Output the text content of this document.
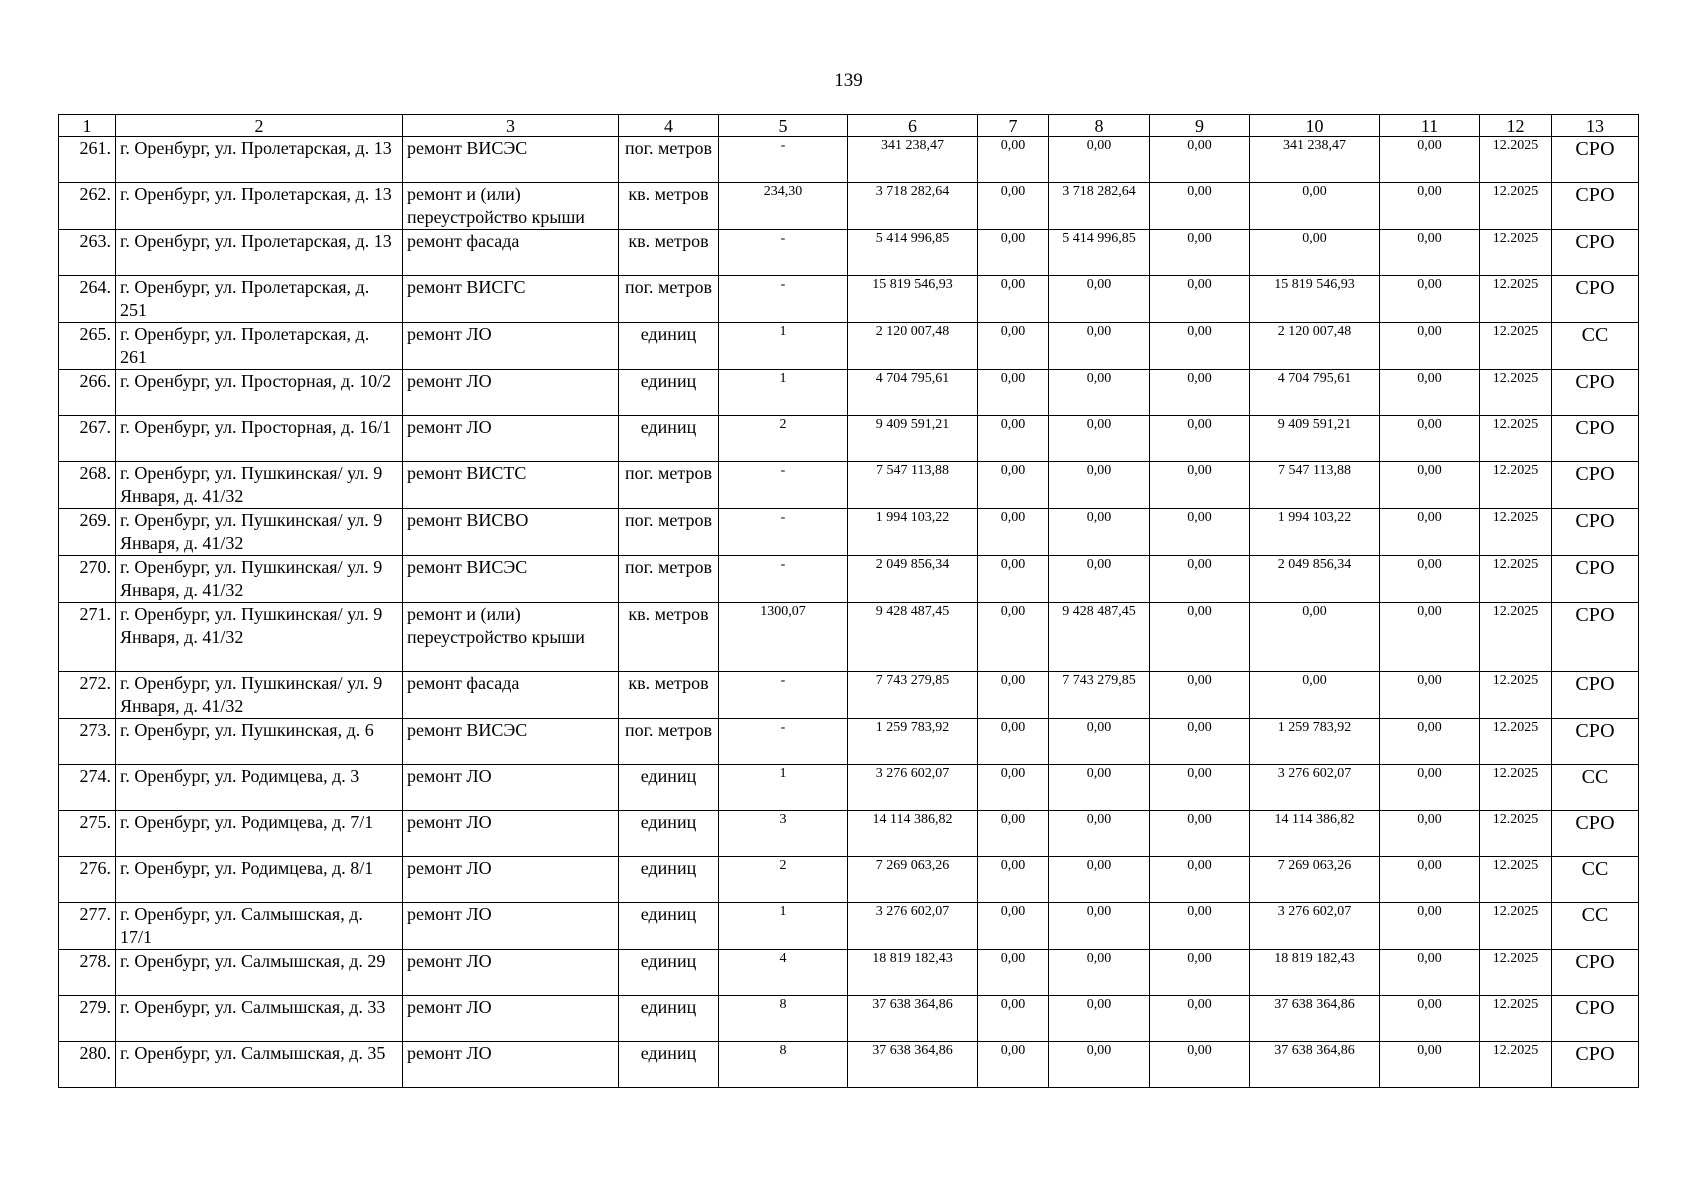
139
1	2	3	4	5	6	7	8	9	10	11	12	13
261.	г. Оренбург, ул. Пролетарская, д. 13	ремонт ВИСЭС	пог. метров	-	341 238,47	0,00	0,00	0,00	341 238,47	0,00	12.2025	СРО
262.	г. Оренбург, ул. Пролетарская, д. 13	ремонт и (или) переустройство крыши	кв. метров	234,30	3 718 282,64	0,00	3 718 282,64	0,00	0,00	0,00	12.2025	СРО
263.	г. Оренбург, ул. Пролетарская, д. 13	ремонт фасада	кв. метров	-	5 414 996,85	0,00	5 414 996,85	0,00	0,00	0,00	12.2025	СРО
264.	г. Оренбург, ул. Пролетарская, д. 251	ремонт ВИСГС	пог. метров	-	15 819 546,93	0,00	0,00	0,00	15 819 546,93	0,00	12.2025	СРО
265.	г. Оренбург, ул. Пролетарская, д. 261	ремонт ЛО	единиц	1	2 120 007,48	0,00	0,00	0,00	2 120 007,48	0,00	12.2025	СС
266.	г. Оренбург, ул. Просторная, д. 10/2	ремонт ЛО	единиц	1	4 704 795,61	0,00	0,00	0,00	4 704 795,61	0,00	12.2025	СРО
267.	г. Оренбург, ул. Просторная, д. 16/1	ремонт ЛО	единиц	2	9 409 591,21	0,00	0,00	0,00	9 409 591,21	0,00	12.2025	СРО
268.	г. Оренбург, ул. Пушкинская/ ул. 9 Января, д. 41/32	ремонт ВИСТС	пог. метров	-	7 547 113,88	0,00	0,00	0,00	7 547 113,88	0,00	12.2025	СРО
269.	г. Оренбург, ул. Пушкинская/ ул. 9 Января, д. 41/32	ремонт ВИСВО	пог. метров	-	1 994 103,22	0,00	0,00	0,00	1 994 103,22	0,00	12.2025	СРО
270.	г. Оренбург, ул. Пушкинская/ ул. 9 Января, д. 41/32	ремонт ВИСЭС	пог. метров	-	2 049 856,34	0,00	0,00	0,00	2 049 856,34	0,00	12.2025	СРО
271.	г. Оренбург, ул. Пушкинская/ ул. 9 Января, д. 41/32	ремонт и (или) переустройство крыши	кв. метров	1300,07	9 428 487,45	0,00	9 428 487,45	0,00	0,00	0,00	12.2025	СРО
272.	г. Оренбург, ул. Пушкинская/ ул. 9 Января, д. 41/32	ремонт фасада	кв. метров	-	7 743 279,85	0,00	7 743 279,85	0,00	0,00	0,00	12.2025	СРО
273.	г. Оренбург, ул. Пушкинская, д. 6	ремонт ВИСЭС	пог. метров	-	1 259 783,92	0,00	0,00	0,00	1 259 783,92	0,00	12.2025	СРО
274.	г. Оренбург, ул. Родимцева, д. 3	ремонт ЛО	единиц	1	3 276 602,07	0,00	0,00	0,00	3 276 602,07	0,00	12.2025	СС
275.	г. Оренбург, ул. Родимцева, д. 7/1	ремонт ЛО	единиц	3	14 114 386,82	0,00	0,00	0,00	14 114 386,82	0,00	12.2025	СРО
276.	г. Оренбург, ул. Родимцева, д. 8/1	ремонт ЛО	единиц	2	7 269 063,26	0,00	0,00	0,00	7 269 063,26	0,00	12.2025	СС
277.	г. Оренбург, ул. Салмышская, д. 17/1	ремонт ЛО	единиц	1	3 276 602,07	0,00	0,00	0,00	3 276 602,07	0,00	12.2025	СС
278.	г. Оренбург, ул. Салмышская, д. 29	ремонт ЛО	единиц	4	18 819 182,43	0,00	0,00	0,00	18 819 182,43	0,00	12.2025	СРО
279.	г. Оренбург, ул. Салмышская, д. 33	ремонт ЛО	единиц	8	37 638 364,86	0,00	0,00	0,00	37 638 364,86	0,00	12.2025	СРО
280.	г. Оренбург, ул. Салмышская, д. 35	ремонт ЛО	единиц	8	37 638 364,86	0,00	0,00	0,00	37 638 364,86	0,00	12.2025	СРО
